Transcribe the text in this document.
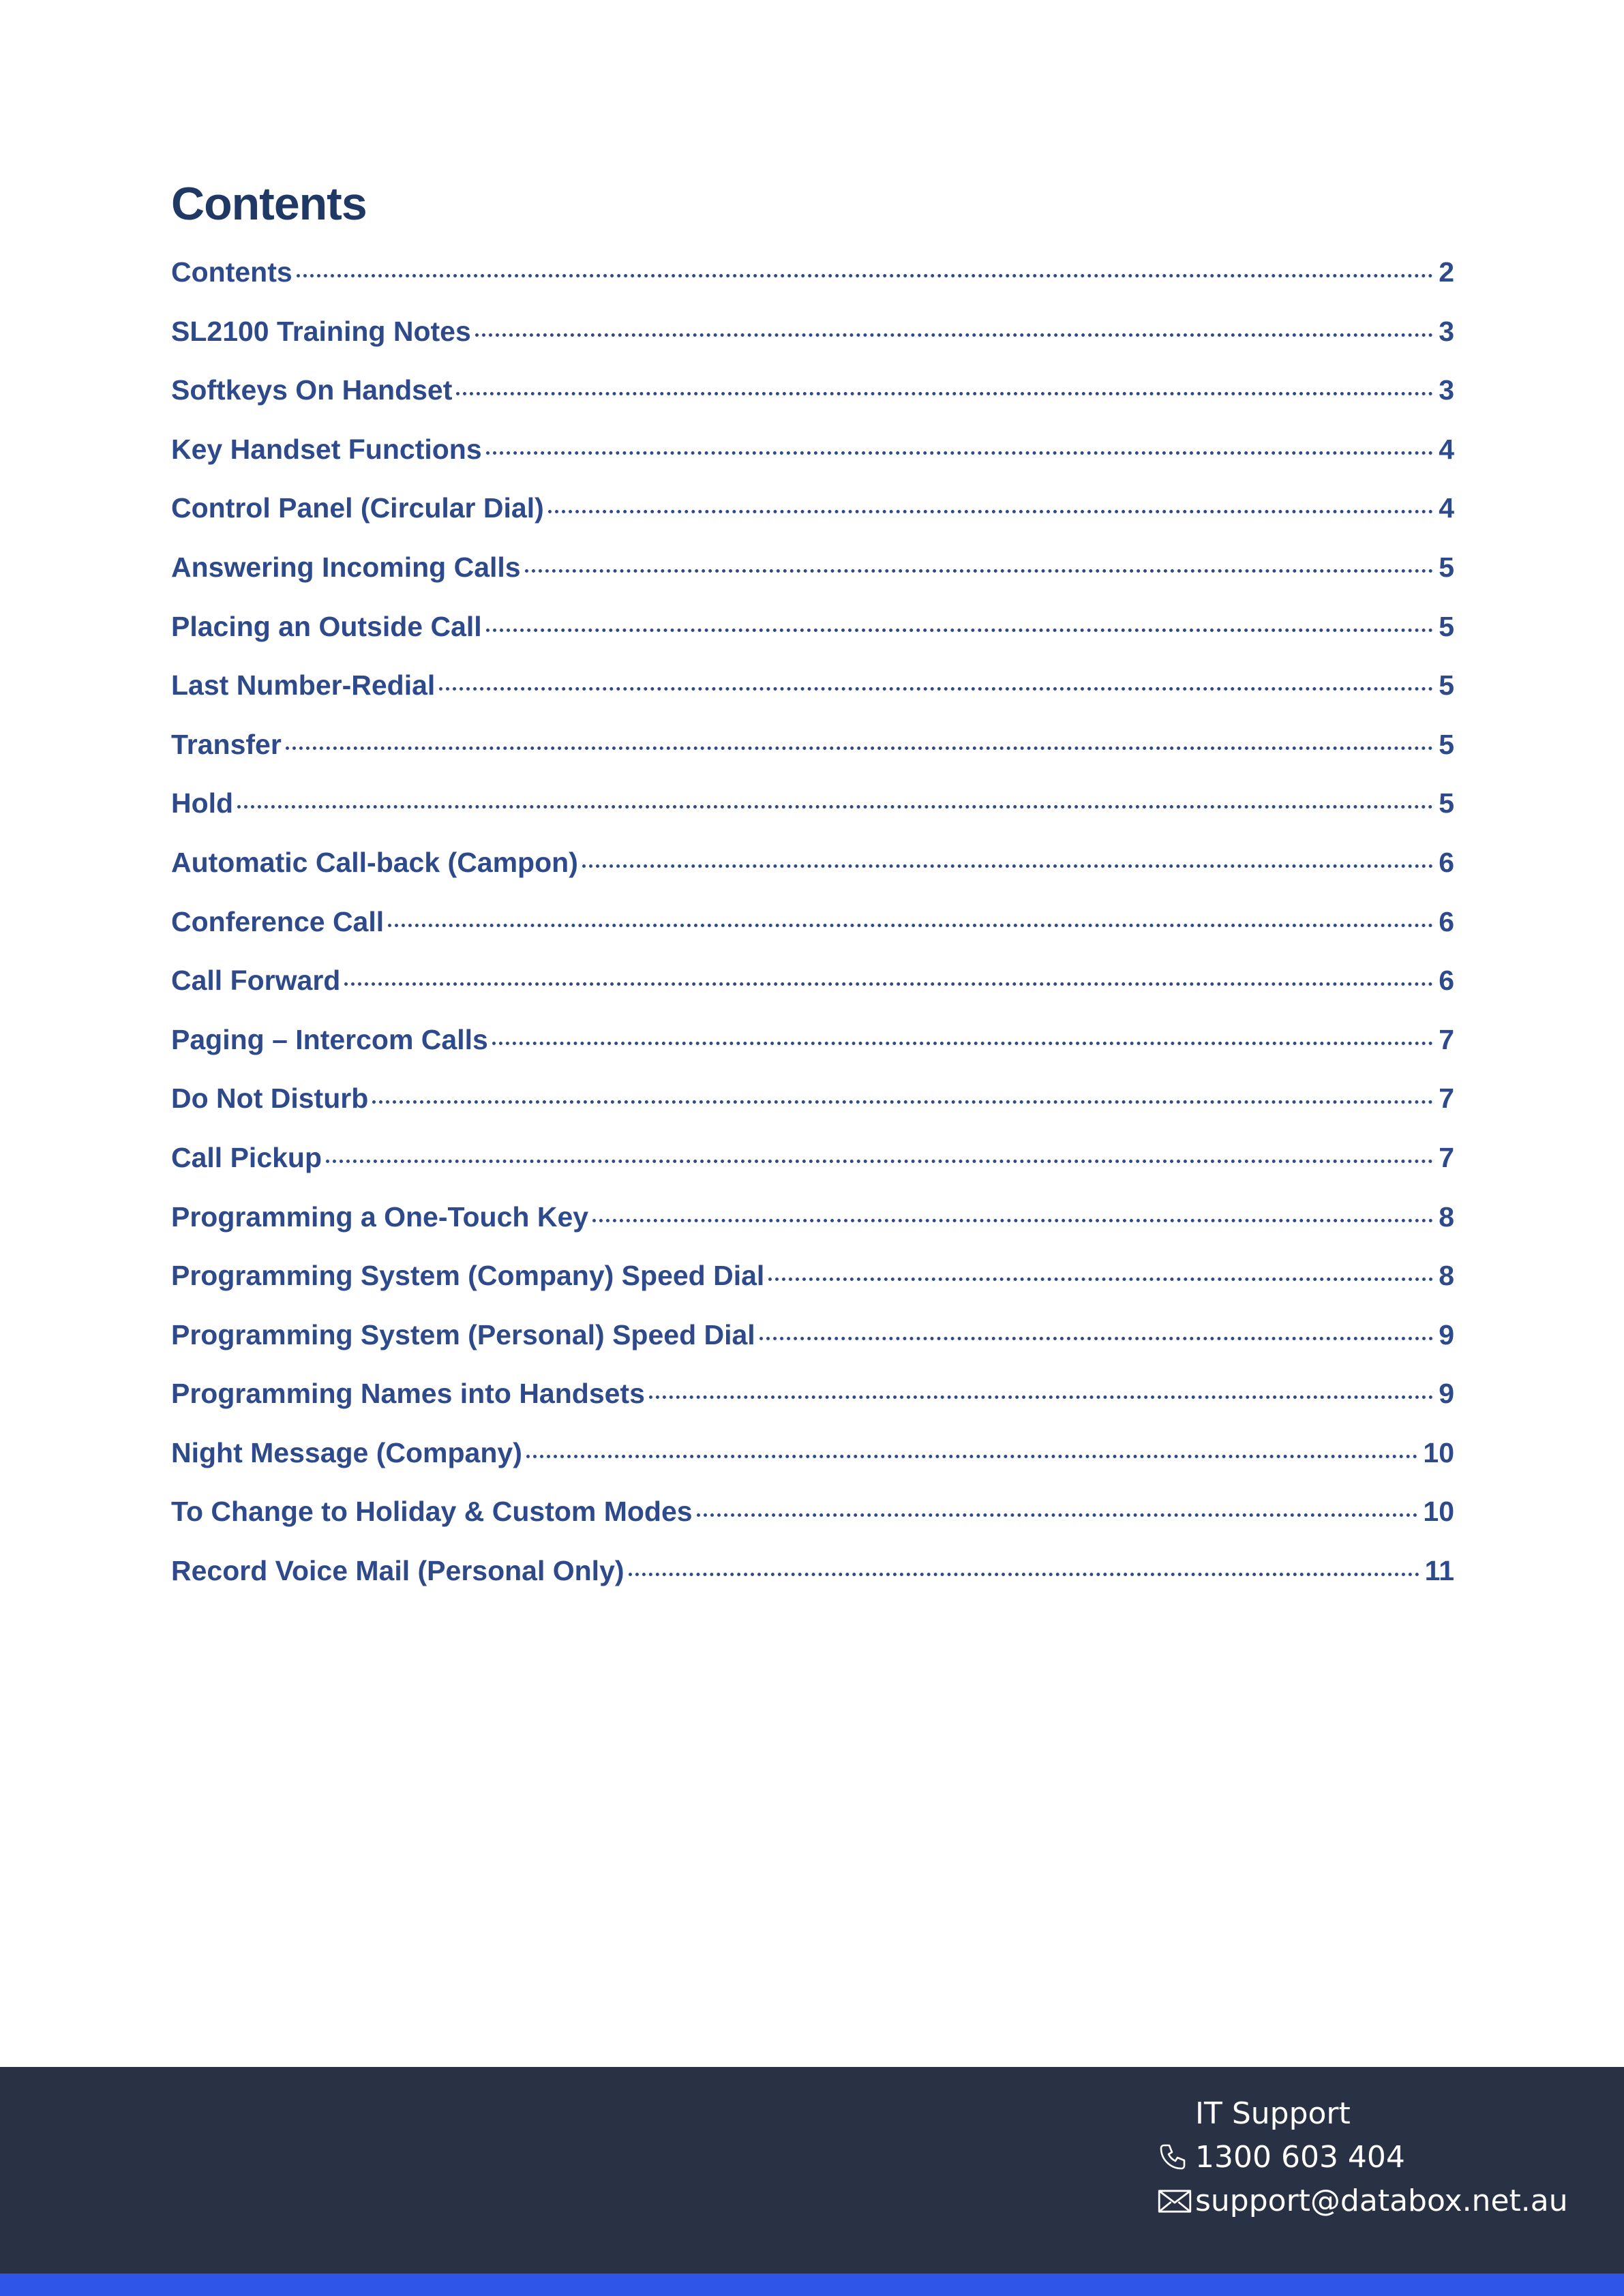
Contents
Contents	2
SL2100 Training Notes	3
Softkeys On Handset	3
Key Handset Functions	4
Control Panel (Circular Dial)	4
Answering Incoming Calls	5
Placing an Outside Call	5
Last Number-Redial	5
Transfer	5
Hold	5
Automatic Call-back (Campon)	6
Conference Call	6
Call Forward	6
Paging – Intercom Calls	7
Do Not Disturb	7
Call Pickup	7
Programming a One-Touch Key	8
Programming System (Company) Speed Dial	8
Programming System (Personal) Speed Dial	9
Programming Names into Handsets	9
Night Message (Company)	10
To Change to Holiday & Custom Modes	10
Record Voice Mail (Personal Only)	11
IT Support
1300 603 404
support@databox.net.au
